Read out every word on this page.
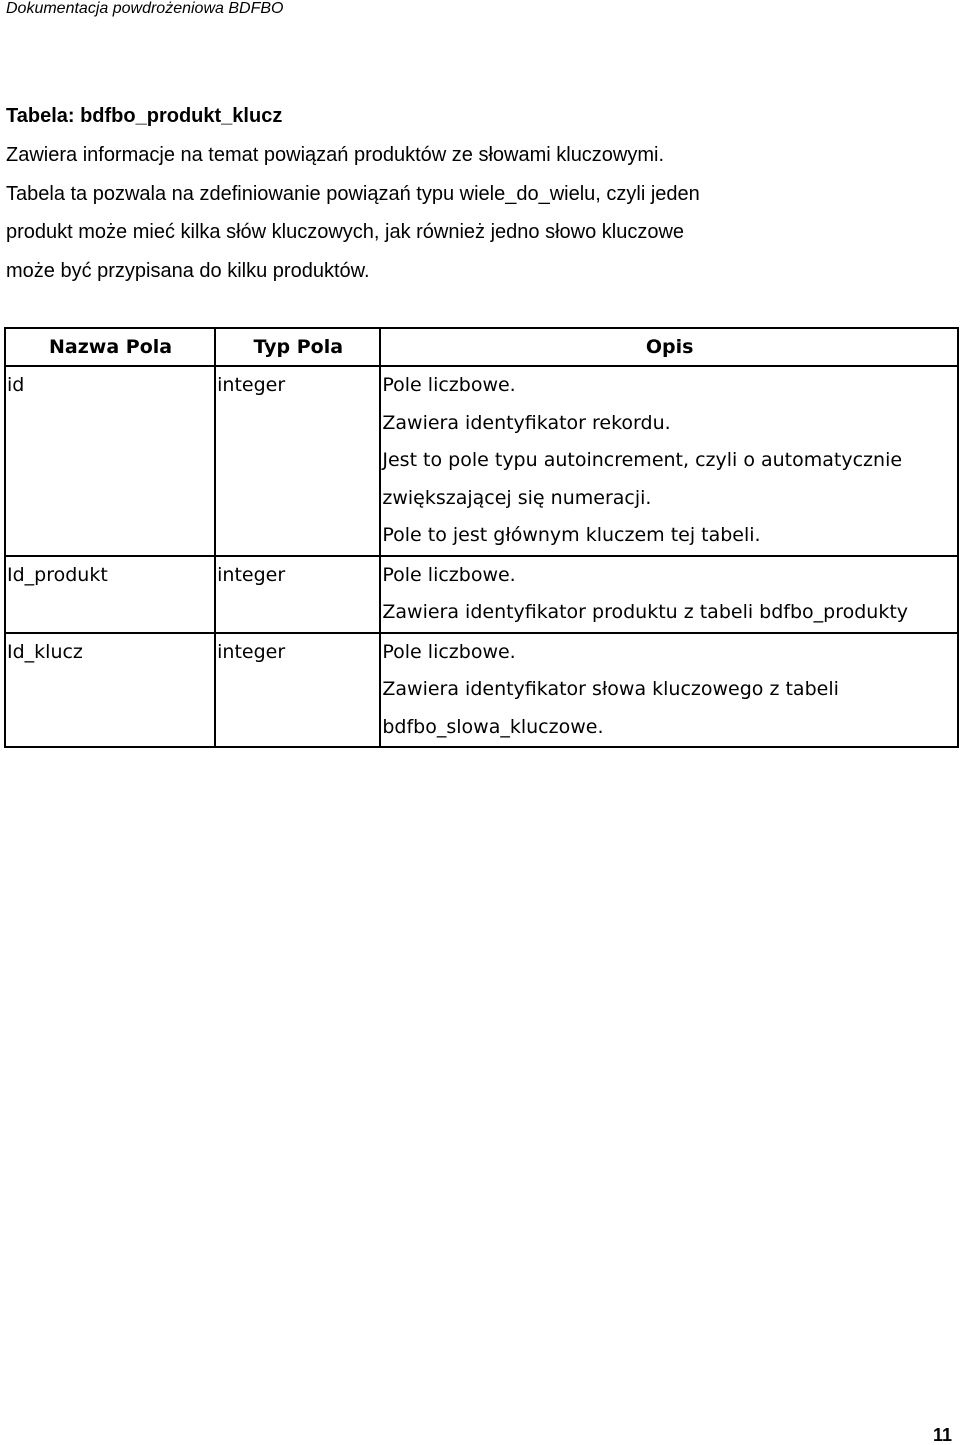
Dokumentacja powdrożeniowa BDFBO
Tabela: bdfbo_produkt_klucz

Zawiera informacje na temat powiązań produktów ze słowami kluczowymi.

Tabela ta pozwala na zdefiniowanie powiązań typu wiele_do_wielu, czyli jeden

produkt może mieć kilka słów kluczowych, jak również jedno słowo kluczowe

może być przypisana do kilku produktów.

Nazwa Pola	Typ Pola	Opis
id	integer	Pole liczbowe.

Zawiera identyfikator rekordu.

Jest to pole typu autoincrement, czyli o automatycznie

zwiększającej się numeracji.

Pole to jest głównym kluczem tej tabeli.

Id_produkt	integer	Pole liczbowe.

Zawiera identyfikator produktu z tabeli bdfbo_produkty

Id_klucz	integer	Pole liczbowe.

Zawiera identyfikator słowa kluczowego z tabeli

bdfbo_slowa_kluczowe.

11
